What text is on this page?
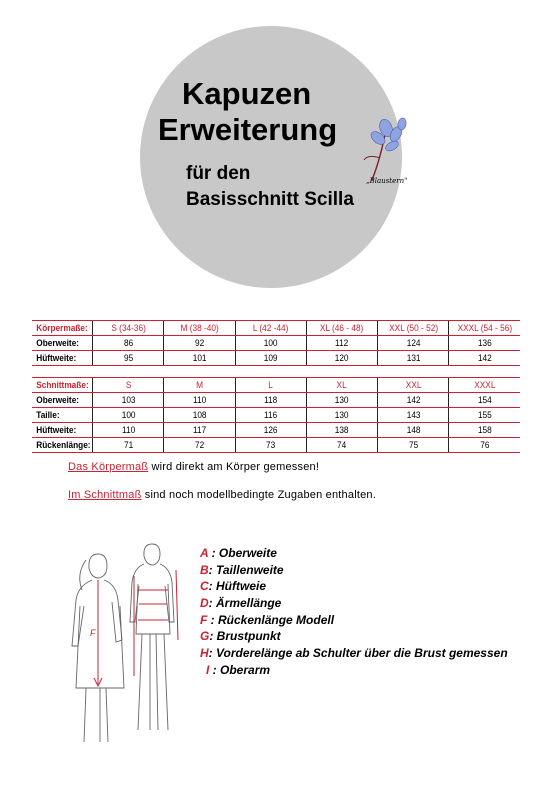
Kapuzen
Erweiterung
für den
Basisschnitt Scilla
„Blaustern"
Körpermaße:	S (34-36)	M (38 -40)	L (42 -44)	XL (46 - 48)	XXL (50 - 52)	XXXL (54 - 56)
Oberweite:	86	92	100	112	124	136
Hüftweite:	95	101	109	120	131	142
Schnittmaße:	S	M	L	XL	XXL	XXXL
Oberweite:	103	110	118	130	142	154
Taille:	100	108	116	130	143	155
Hüftweite:	110	117	126	138	148	158
Rückenlänge:	71	72	73	74	75	76
Das Körpermaß wird direkt am Körper gemessen!
Im Schnittmaß sind noch modellbedingte Zugaben enthalten.
F
A : Oberweite
B: Taillenweite
C: Hüftweie
D: Ärmellänge
F : Rückenlänge Modell
G: Brustpunkt
H: Vorderelänge ab Schulter über die Brust gemessen
I : Oberarm
